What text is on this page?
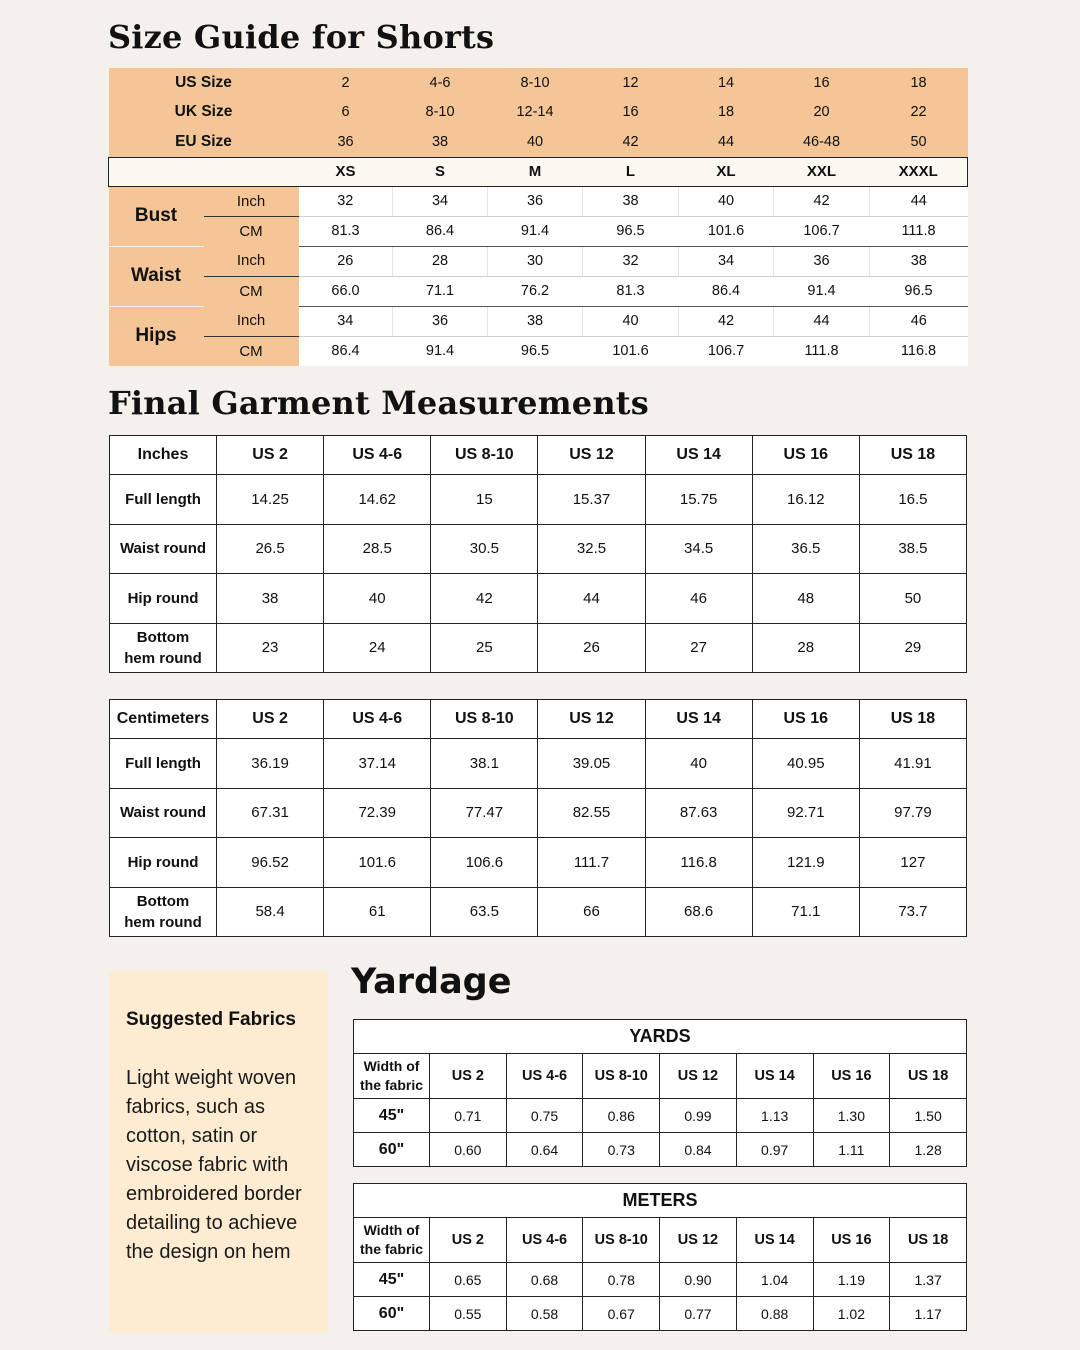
Size Guide for Shorts
US Size		2	4-6	8-10	12	14	16	18
UK Size		6	8-10	12-14	16	18	20	22
EU Size		36	38	40	42	44	46-48	50
		XS	S	M	L	XL	XXL	XXXL
Bust	Inch	32	34	36	38	40	42	44
	CM	81.3	86.4	91.4	96.5	101.6	106.7	111.8
Waist	Inch	26	28	30	32	34	36	38
	CM	66.0	71.1	76.2	81.3	86.4	91.4	96.5
Hips	Inch	34	36	38	40	42	44	46
	CM	86.4	91.4	96.5	101.6	106.7	111.8	116.8
Final Garment Measurements
Inches	US 2	US 4-6	US 8-10	US 12	US 14	US 16	US 18
Full length	14.25	14.62	15	15.37	15.75	16.12	16.5
Waist round	26.5	28.5	30.5	32.5	34.5	36.5	38.5
Hip round	38	40	42	44	46	48	50
Bottom
hem round	23	24	25	26	27	28	29
Centimeters	US 2	US 4-6	US 8-10	US 12	US 14	US 16	US 18
Full length	36.19	37.14	38.1	39.05	40	40.95	41.91
Waist round	67.31	72.39	77.47	82.55	87.63	92.71	97.79
Hip round	96.52	101.6	106.6	111.7	116.8	121.9	127
Bottom
hem round	58.4	61	63.5	66	68.6	71.1	73.7
Suggested Fabrics
Light weight woven fabrics, such as cotton, satin or viscose fabric with embroidered border detailing to achieve the design on hem
Yardage
YARDS							
Width of
the fabric	US 2	US 4-6	US 8-10	US 12	US 14	US 16	US 18
45"	0.71	0.75	0.86	0.99	1.13	1.30	1.50
60"	0.60	0.64	0.73	0.84	0.97	1.11	1.28
METERS							
Width of
the fabric	US 2	US 4-6	US 8-10	US 12	US 14	US 16	US 18
45"	0.65	0.68	0.78	0.90	1.04	1.19	1.37
60"	0.55	0.58	0.67	0.77	0.88	1.02	1.17
